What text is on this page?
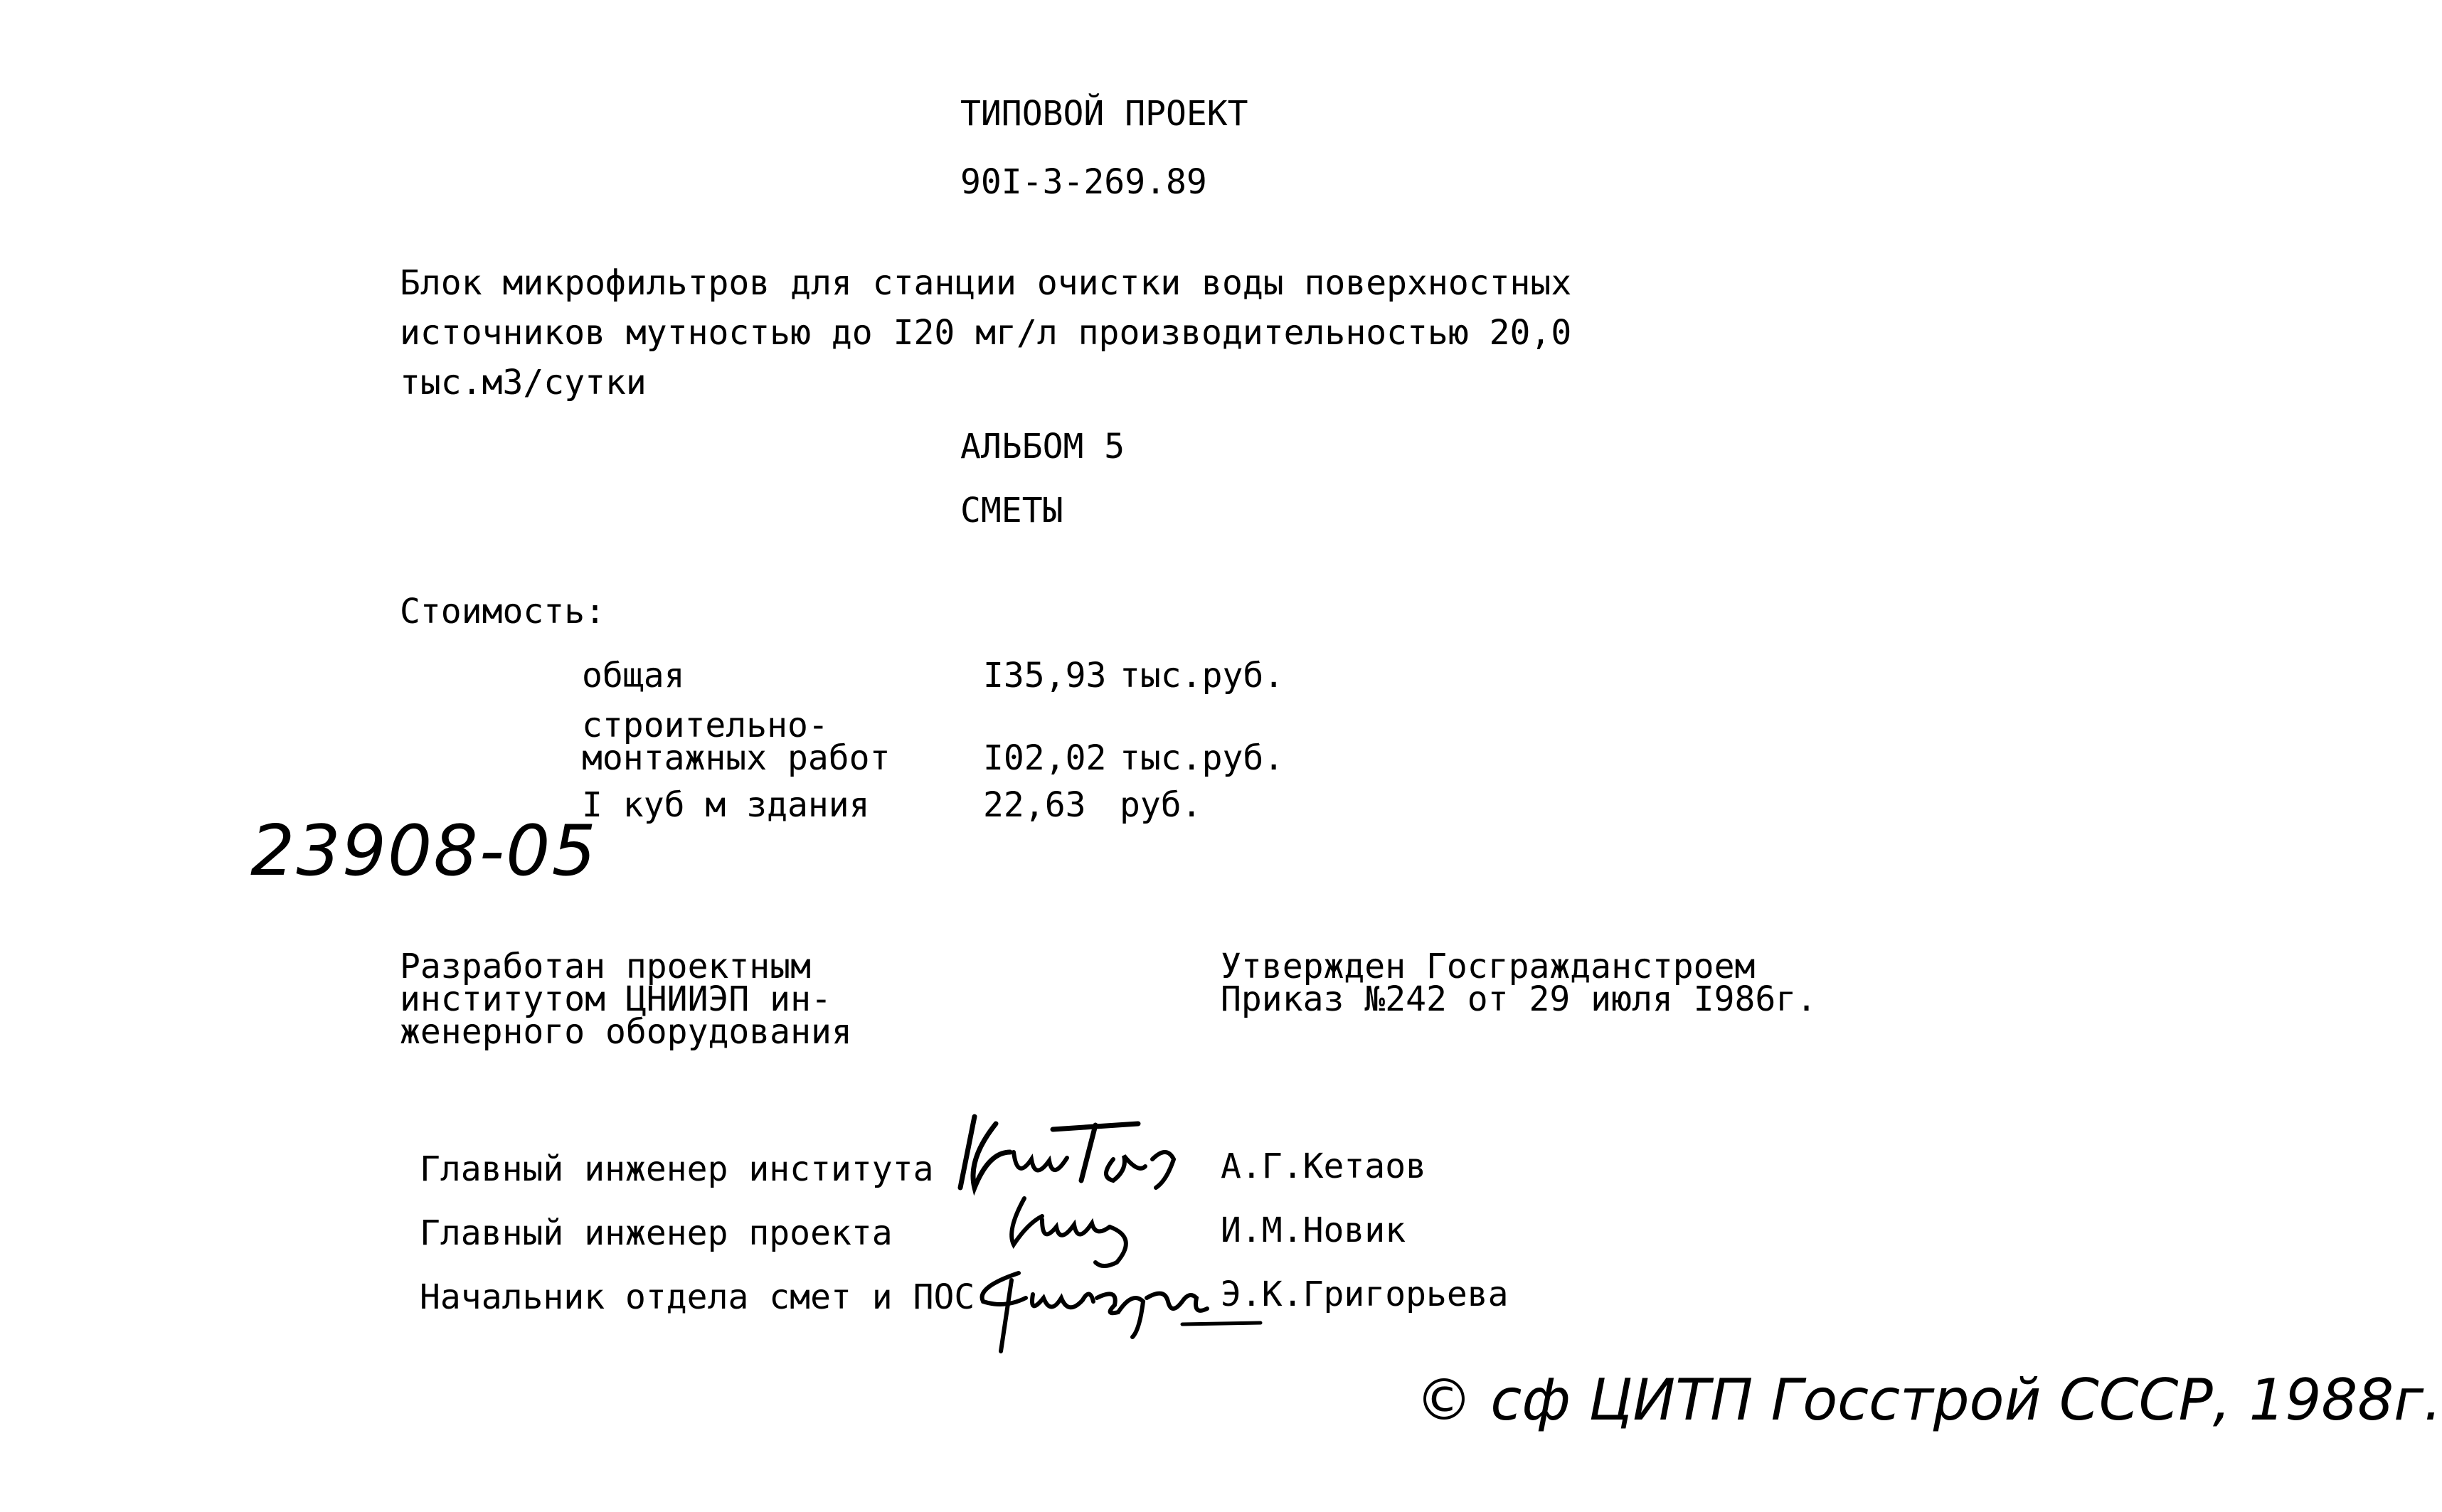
ТИПОВОЙ ПРОЕКТ
90I-3-269.89
Блок микрофильтров для станции очистки воды поверхностных
источников мутностью до I20 мг/л производительностью 20,0
тыс.м3/сутки
АЛЬБОМ 5
СМЕТЫ
Стоимость:
общая	I35,93 тыс.руб.
строительно-
монтажных работ	I02,02 тыс.руб.
I куб м здания	22,63 руб.
23908-05
Разработан проектным
институтом ЦНИИЭП ин-
женерного оборудования
Утвержден Госгражданстроем
Приказ №242 от 29 июля I986г.
Главный инженер института	А.Г.Кетаов
Главный инженер проекта	И.М.Новик
Начальник отдела смет и ПОС	Э.К.Григорьева
© сф ЦИТП Госстрой СССР, 1988г.
